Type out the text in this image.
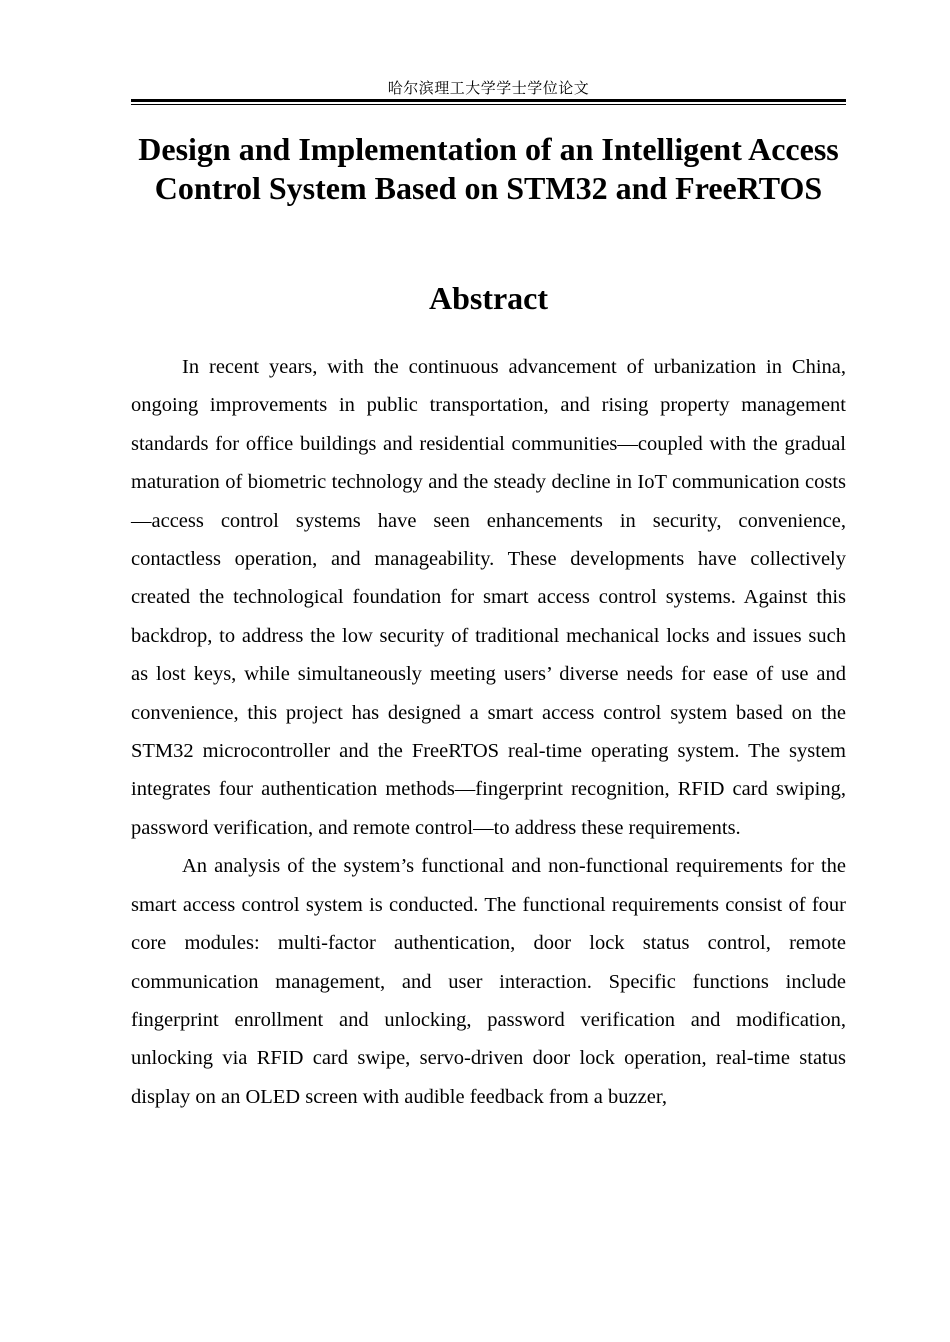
哈尔滨理工大学学士学位论文
Design and Implementation of an Intelligent Access Control System Based on STM32 and FreeRTOS
Abstract

In recent years, with the continuous advancement of urbanization in China, ongoing improvements in public transportation, and rising property management standards for office buildings and residential communities—coupled with the gradual maturation of biometric technology and the steady decline in IoT communication costs—access control systems have seen enhancements in security, convenience, contactless operation, and manageability. These developments have collectively created the technological foundation for smart access control systems. Against this backdrop, to address the low security of traditional mechanical locks and issues such as lost keys, while simultaneously meeting users’ diverse needs for ease of use and convenience, this project has designed a smart access control system based on the STM32 microcontroller and the FreeRTOS real-time operating system. The system integrates four authentication methods—fingerprint recognition, RFID card swiping, password verification, and remote control—to address these requirements.

An analysis of the system’s functional and non-functional requirements for the smart access control system is conducted. The functional requirements consist of four core modules: multi-factor authentication, door lock status control, remote communication management, and user interaction. Specific functions include fingerprint enrollment and unlocking, password verification and modification, unlocking via RFID card swipe, servo-driven door lock operation, real-time status display on an OLED screen with audible feedback from a buzzer,
